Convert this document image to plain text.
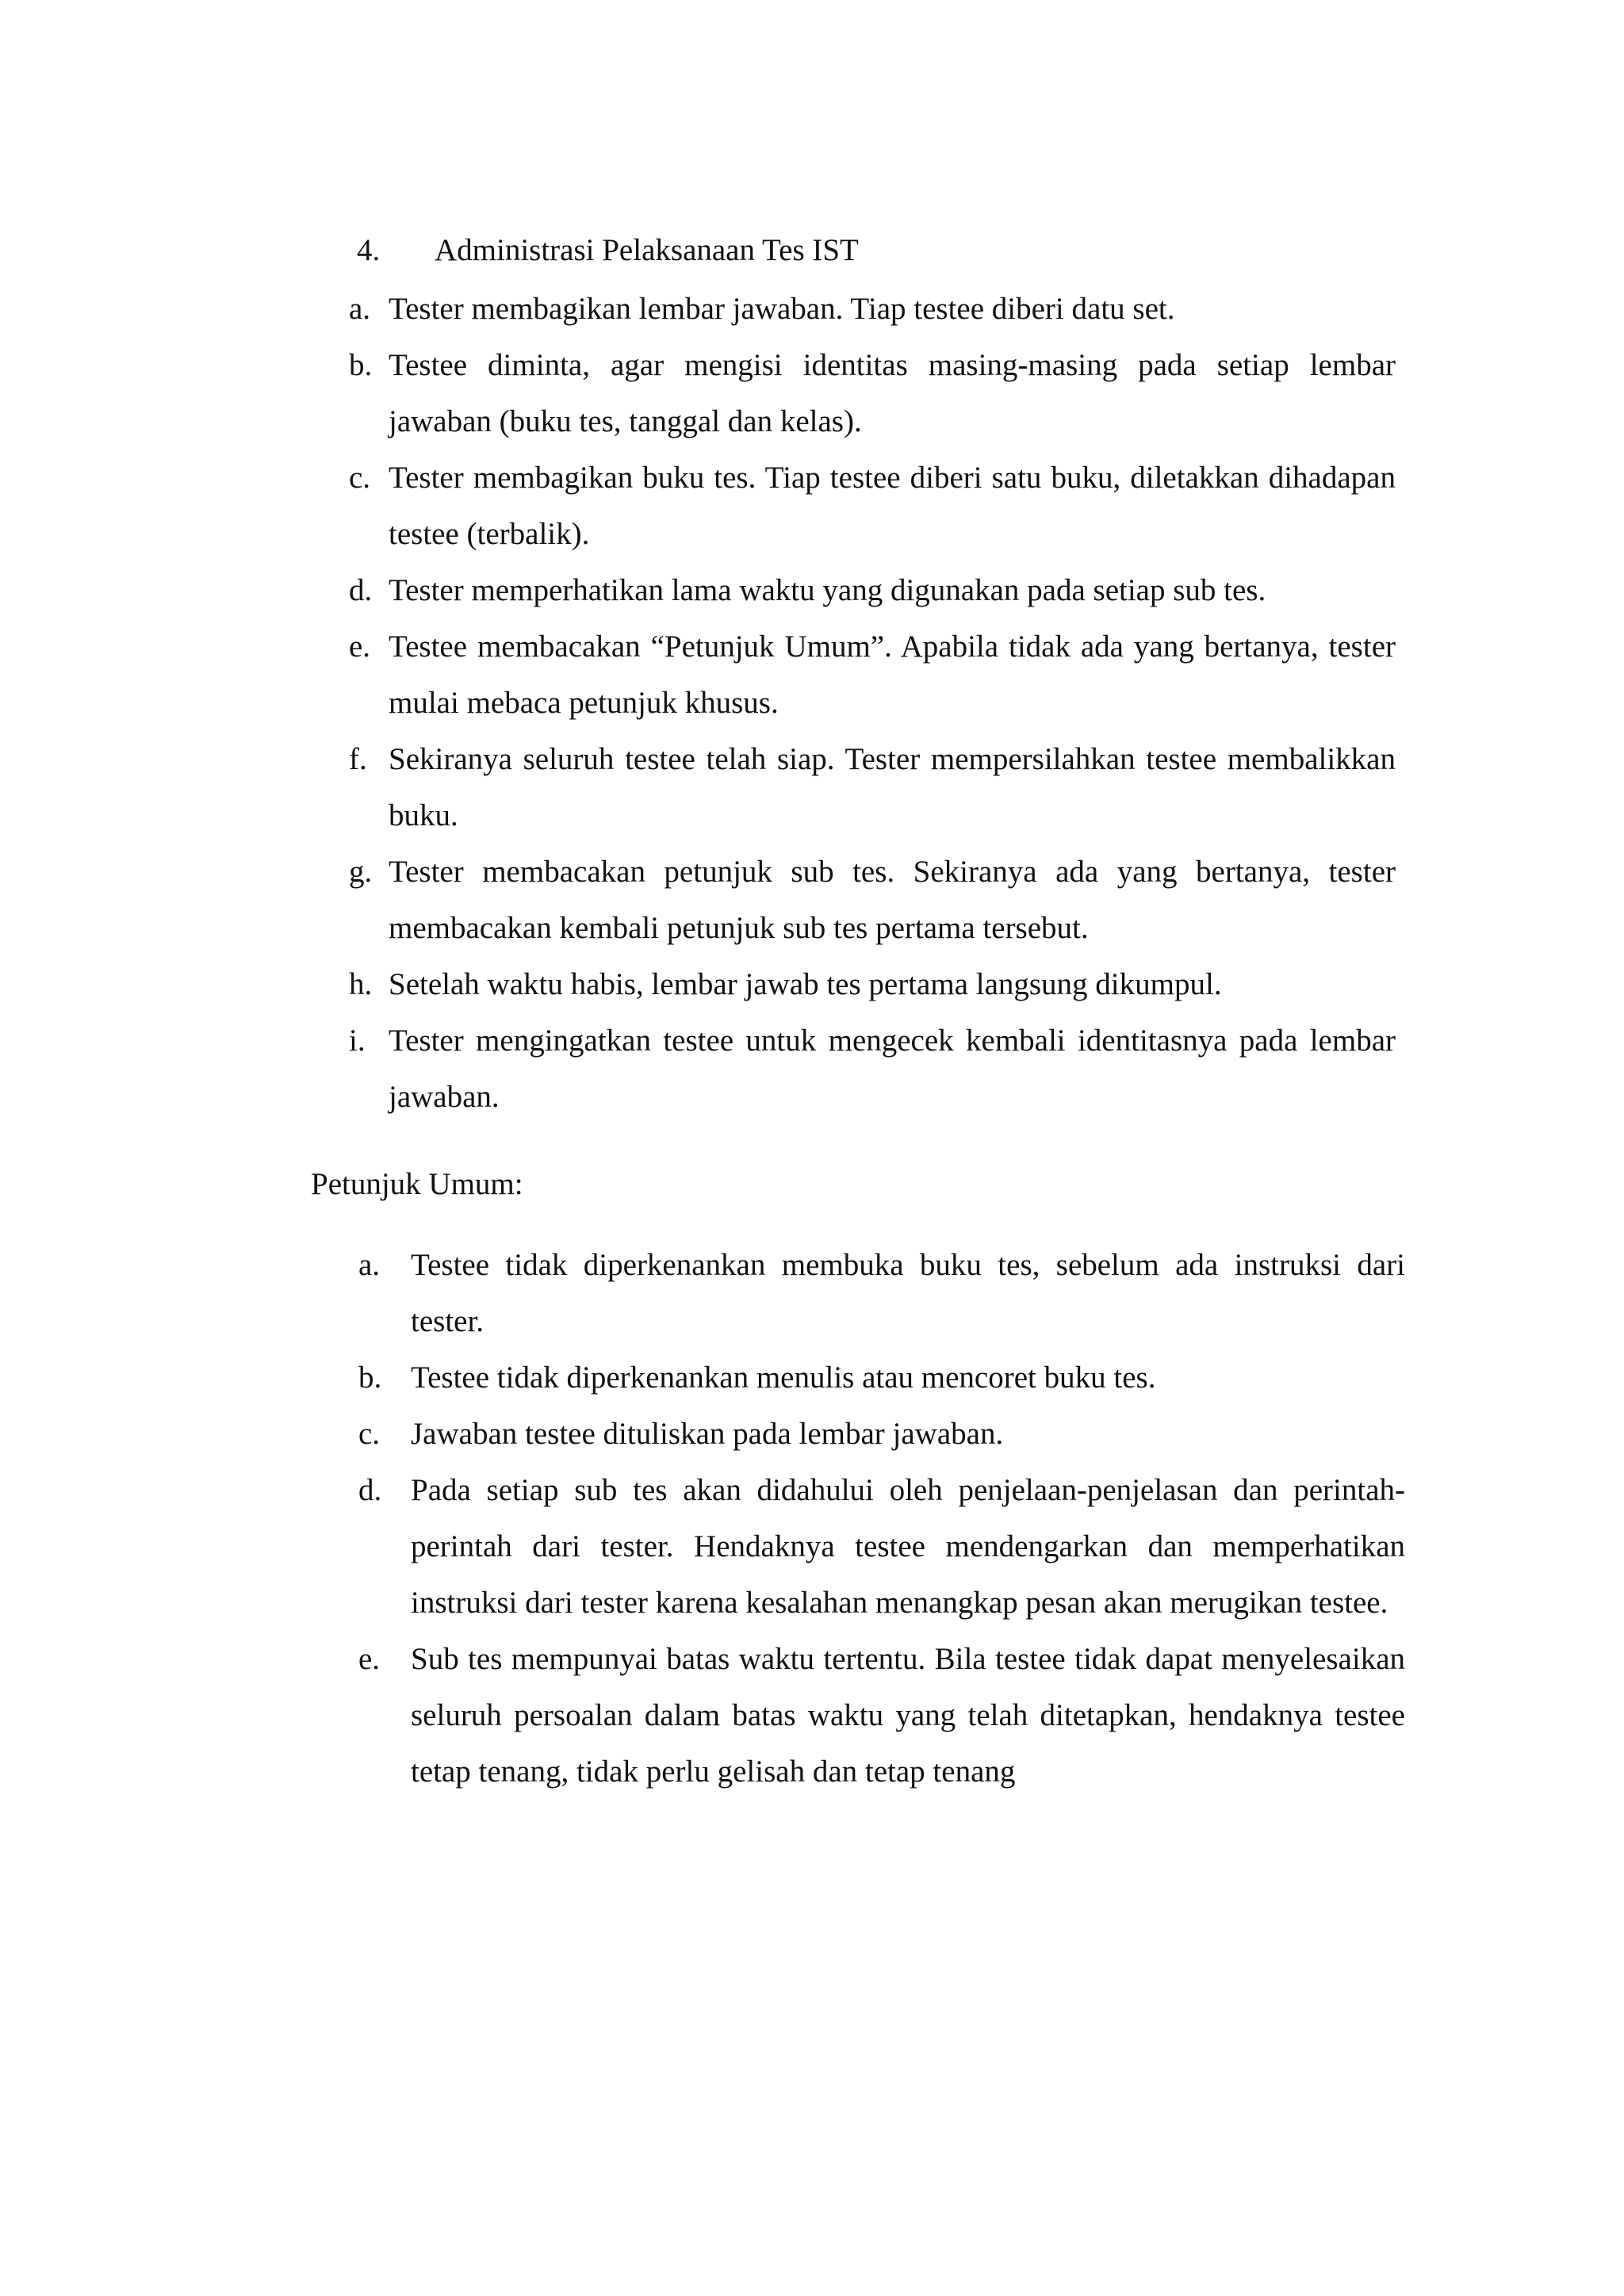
4. Administrasi Pelaksanaan Tes IST
a. Tester membagikan lembar jawaban. Tiap testee diberi datu set.
b. Testee diminta, agar mengisi identitas masing-masing pada setiap lembar jawaban (buku tes, tanggal dan kelas).
c. Tester membagikan buku tes. Tiap testee diberi satu buku, diletakkan dihadapan testee (terbalik).
d. Tester memperhatikan lama waktu yang digunakan pada setiap sub tes.
e. Testee membacakan “Petunjuk Umum”. Apabila tidak ada yang bertanya, tester mulai mebaca petunjuk khusus.
f. Sekiranya seluruh testee telah siap. Tester mempersilahkan testee membalikkan buku.
g. Tester membacakan petunjuk sub tes. Sekiranya ada yang bertanya, tester membacakan kembali petunjuk sub tes pertama tersebut.
h. Setelah waktu habis, lembar jawab tes pertama langsung dikumpul.
i. Tester mengingatkan testee untuk mengecek kembali identitasnya pada lembar jawaban.
Petunjuk Umum:
a. Testee tidak diperkenankan membuka buku tes, sebelum ada instruksi dari tester.
b. Testee tidak diperkenankan menulis atau mencoret buku tes.
c. Jawaban testee dituliskan pada lembar jawaban.
d. Pada setiap sub tes akan didahului oleh penjelaan-penjelasan dan perintah-perintah dari tester. Hendaknya testee mendengarkan dan memperhatikan instruksi dari tester karena kesalahan menangkap pesan akan merugikan testee.
e. Sub tes mempunyai batas waktu tertentu. Bila testee tidak dapat menyelesaikan seluruh persoalan dalam batas waktu yang telah ditetapkan, hendaknya testee tetap tenang, tidak perlu gelisah dan tetap tenang
